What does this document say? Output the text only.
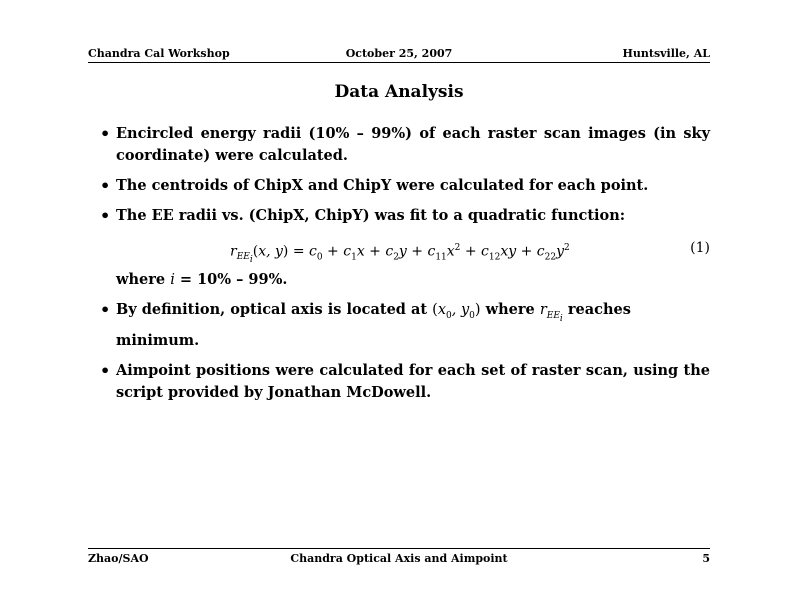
Chandra Cal Workshop	October 25, 2007	Huntsville, AL
Data Analysis
• Encircled energy radii (10% – 99%) of each raster scan images (in sky coordinate) were calculated.
• The centroids of ChipX and ChipY were calculated for each point.
• The EE radii vs. (ChipX, ChipY) was fit to a quadratic function:
$r_{EE_i}(x$, $y) = c_0 + c_1x + c_2y + c_{11}x^2 + c_{12}xy + c_{22}y^2$	(1)
where i = 10% – 99%.
• By definition, optical axis is located at ($x_0$, $y_0$) where $r_{EE_i}$ reaches minimum.
• Aimpoint positions were calculated for each set of raster scan, using the script provided by Jonathan McDowell.
Zhao/SAO	Chandra Optical Axis and Aimpoint	5
